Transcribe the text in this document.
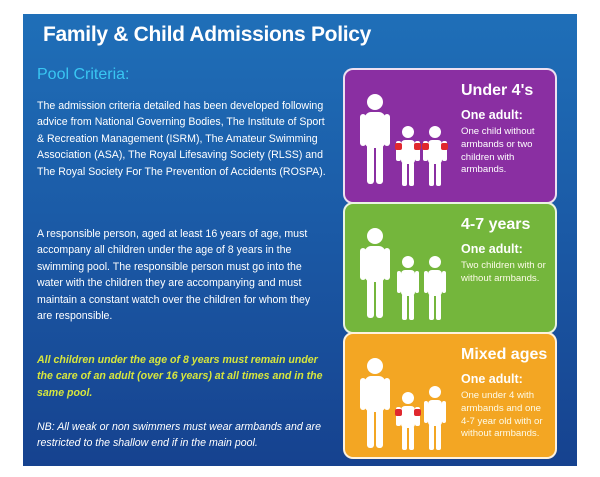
Family & Child Admissions Policy
Pool Criteria:

The admission criteria detailed has been developed following advice from National Governing Bodies, The Institute of Sport & Recreation Management (ISRM), The Amateur Swimming Association (ASA), The Royal Lifesaving Society (RLSS) and The Royal Society For The Prevention of Accidents (ROSPA).

A responsible person, aged at least 16 years of age, must accompany all children under the age of 8 years in the swimming pool. The responsible person must go into the water with the children they are accompanying and must maintain a constant watch over the children for whom they are responsible.

All children under the age of 8 years must remain under the care of an adult (over 16 years) at all times and in the same pool.

NB: All weak or non swimmers must wear armbands and are restricted to the shallow end if in the main pool.

Under 4's
One adult:
One child without armbands or two children with armbands.
4-7 years
One adult:
Two children with or without armbands.
Mixed ages
One adult:
One under 4 with armbands and one 4-7 year old with or without armbands.
